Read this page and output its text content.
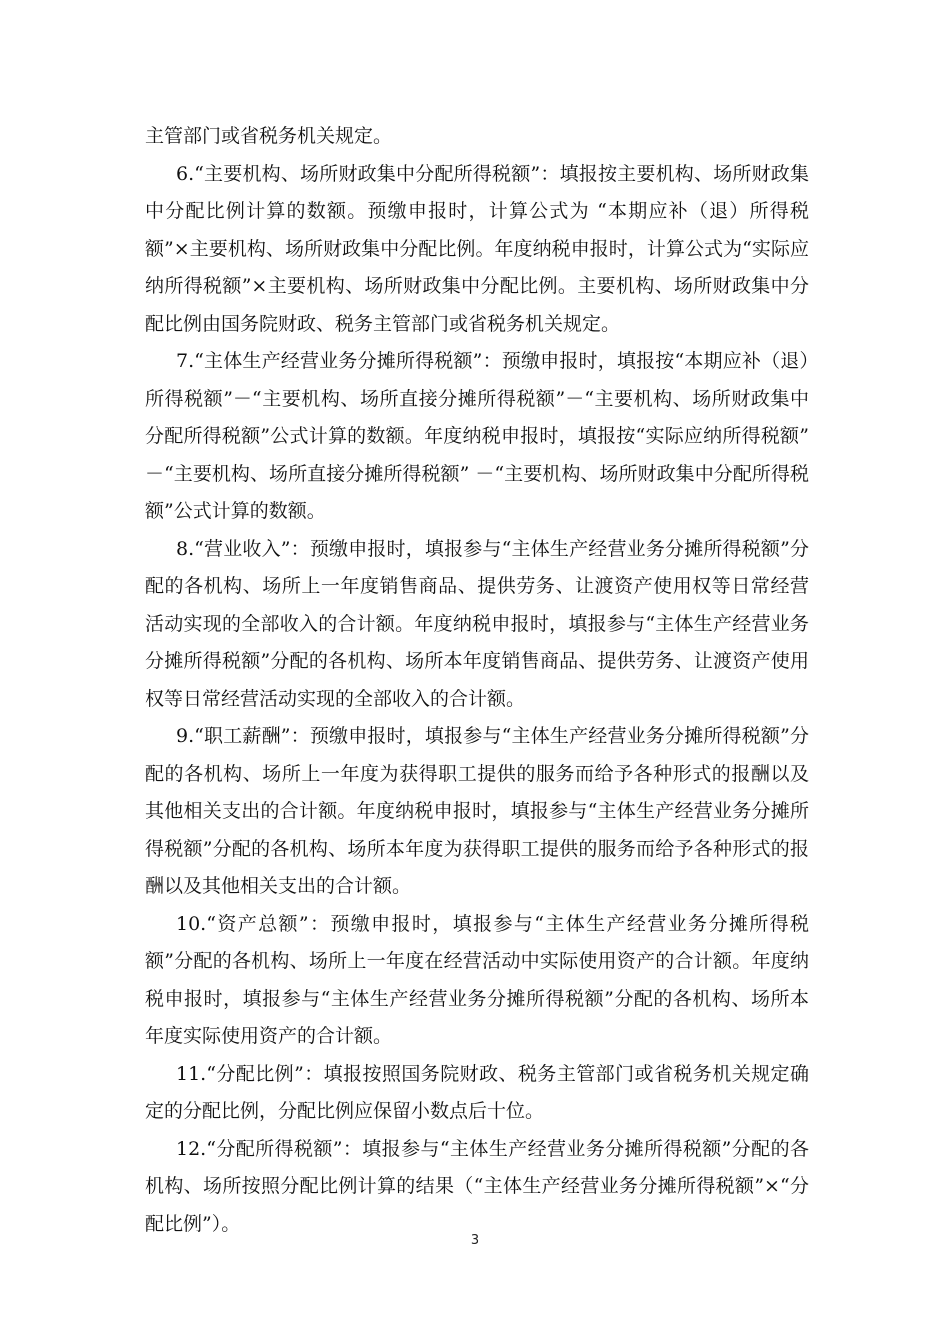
主管部门或省税务机关规定。

6.“主要机构、场所财政集中分配所得税额”：填报按主要机构、场所财政集中分配比例计算的数额。预缴申报时，计算公式为 “本期应补（退）所得税额”×主要机构、场所财政集中分配比例。年度纳税申报时，计算公式为“实际应纳所得税额”×主要机构、场所财政集中分配比例。主要机构、场所财政集中分配比例由国务院财政、税务主管部门或省税务机关规定。

7.“主体生产经营业务分摊所得税额”：预缴申报时，填报按“本期应补（退）所得税额”－“主要机构、场所直接分摊所得税额”－“主要机构、场所财政集中分配所得税额”公式计算的数额。年度纳税申报时，填报按“实际应纳所得税额” －“主要机构、场所直接分摊所得税额” －“主要机构、场所财政集中分配所得税额”公式计算的数额。

8.“营业收入”：预缴申报时，填报参与“主体生产经营业务分摊所得税额”分配的各机构、场所上一年度销售商品、提供劳务、让渡资产使用权等日常经营活动实现的全部收入的合计额。年度纳税申报时，填报参与“主体生产经营业务分摊所得税额”分配的各机构、场所本年度销售商品、提供劳务、让渡资产使用权等日常经营活动实现的全部收入的合计额。

9.“职工薪酬”：预缴申报时，填报参与“主体生产经营业务分摊所得税额”分配的各机构、场所上一年度为获得职工提供的服务而给予各种形式的报酬以及其他相关支出的合计额。年度纳税申报时，填报参与“主体生产经营业务分摊所得税额”分配的各机构、场所本年度为获得职工提供的服务而给予各种形式的报酬以及其他相关支出的合计额。

10.“资产总额”：预缴申报时，填报参与“主体生产经营业务分摊所得税额”分配的各机构、场所上一年度在经营活动中实际使用资产的合计额。年度纳税申报时，填报参与“主体生产经营业务分摊所得税额”分配的各机构、场所本年度实际使用资产的合计额。

11.“分配比例”：填报按照国务院财政、税务主管部门或省税务机关规定确定的分配比例，分配比例应保留小数点后十位。

12.“分配所得税额”：填报参与“主体生产经营业务分摊所得税额”分配的各机构、场所按照分配比例计算的结果（“主体生产经营业务分摊所得税额”×“分配比例”）。

3
